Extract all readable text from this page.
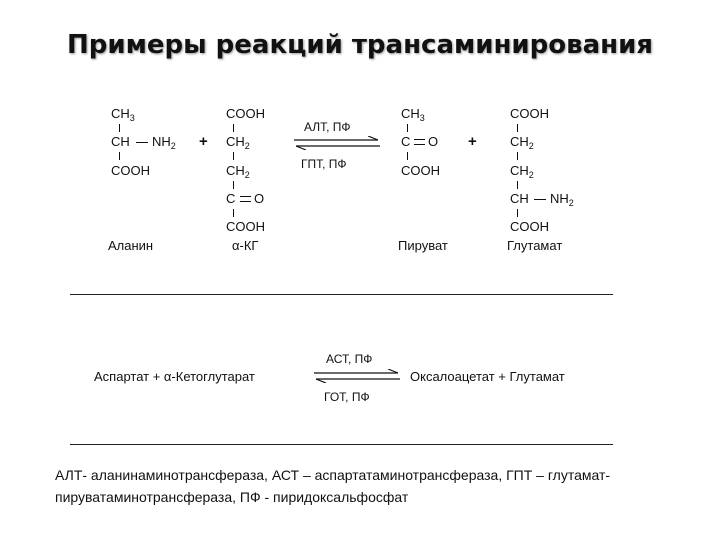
Примеры реакций трансаминирования
$CH_3$
CH $NH_2$
COOH
Аланин
+
COOH
$CH_2$
$CH_2$
C O
COOH
α-КГ
АЛТ, ПФ
ГПТ, ПФ
$CH_3$
C O
COOH
Пируват
+
COOH
$CH_2$
$CH_2$
CH $NH_2$
COOH
Глутамат
АСТ, ПФ
Аспартат + α-Кетоглутарат	Оксалоацетат + Глутамат
ГОТ, ПФ
АЛТ- аланинаминотрансфераза, АСТ – аспартатаминотрансфераза, ГПТ – глутамат-пируватаминотрансфераза, ПФ - пиридоксальфосфат
